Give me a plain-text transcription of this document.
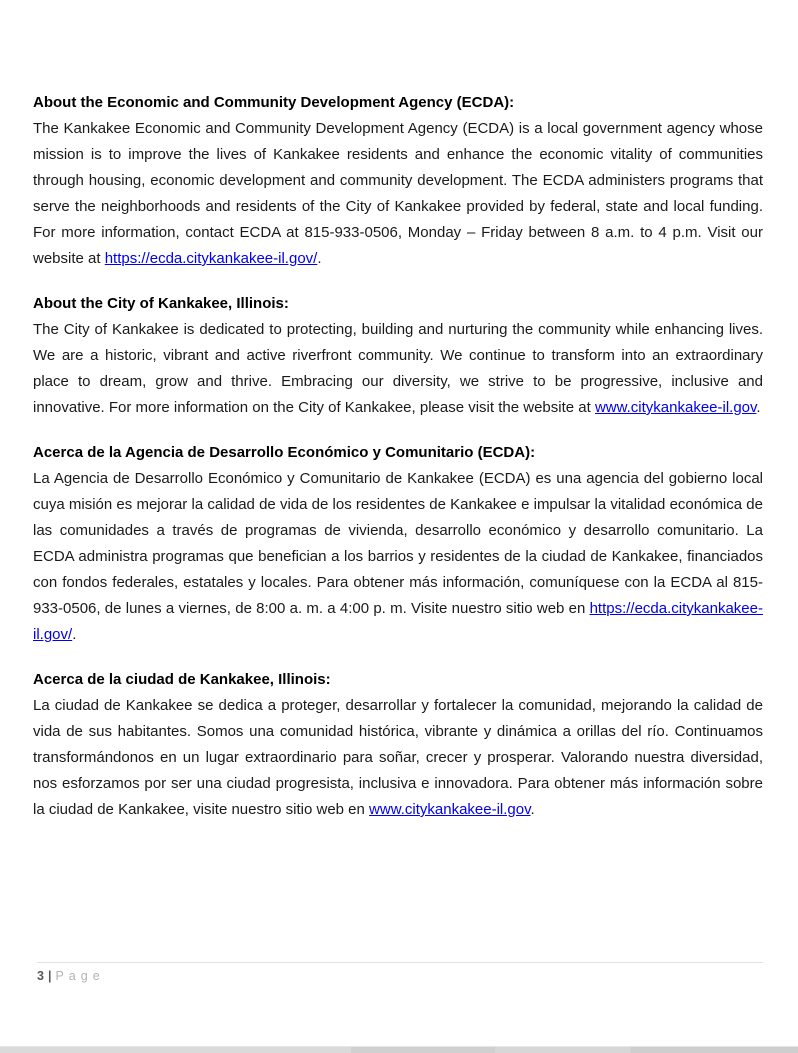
About the Economic and Community Development Agency (ECDA):

The Kankakee Economic and Community Development Agency (ECDA) is a local government agency whose mission is to improve the lives of Kankakee residents and enhance the economic vitality of communities through housing, economic development and community development. The ECDA administers programs that serve the neighborhoods and residents of the City of Kankakee provided by federal, state and local funding. For more information, contact ECDA at 815-933-0506, Monday – Friday between 8 a.m. to 4 p.m. Visit our website at https://ecda.citykankakee-il.gov/.

About the City of Kankakee, Illinois:

The City of Kankakee is dedicated to protecting, building and nurturing the community while enhancing lives. We are a historic, vibrant and active riverfront community. We continue to transform into an extraordinary place to dream, grow and thrive. Embracing our diversity, we strive to be progressive, inclusive and innovative. For more information on the City of Kankakee, please visit the website at www.citykankakee-il.gov.

Acerca de la Agencia de Desarrollo Económico y Comunitario (ECDA):

La Agencia de Desarrollo Económico y Comunitario de Kankakee (ECDA) es una agencia del gobierno local cuya misión es mejorar la calidad de vida de los residentes de Kankakee e impulsar la vitalidad económica de las comunidades a través de programas de vivienda, desarrollo económico y desarrollo comunitario. La ECDA administra programas que benefician a los barrios y residentes de la ciudad de Kankakee, financiados con fondos federales, estatales y locales. Para obtener más información, comuníquese con la ECDA al 815-933-0506, de lunes a viernes, de 8:00 a. m. a 4:00 p. m. Visite nuestro sitio web en https://ecda.citykankakee-il.gov/.

Acerca de la ciudad de Kankakee, Illinois:

La ciudad de Kankakee se dedica a proteger, desarrollar y fortalecer la comunidad, mejorando la calidad de vida de sus habitantes. Somos una comunidad histórica, vibrante y dinámica a orillas del río. Continuamos transformándonos en un lugar extraordinario para soñar, crecer y prosperar. Valorando nuestra diversidad, nos esforzamos por ser una ciudad progresista, inclusiva e innovadora. Para obtener más información sobre la ciudad de Kankakee, visite nuestro sitio web en www.citykankakee-il.gov.

3 | Page
